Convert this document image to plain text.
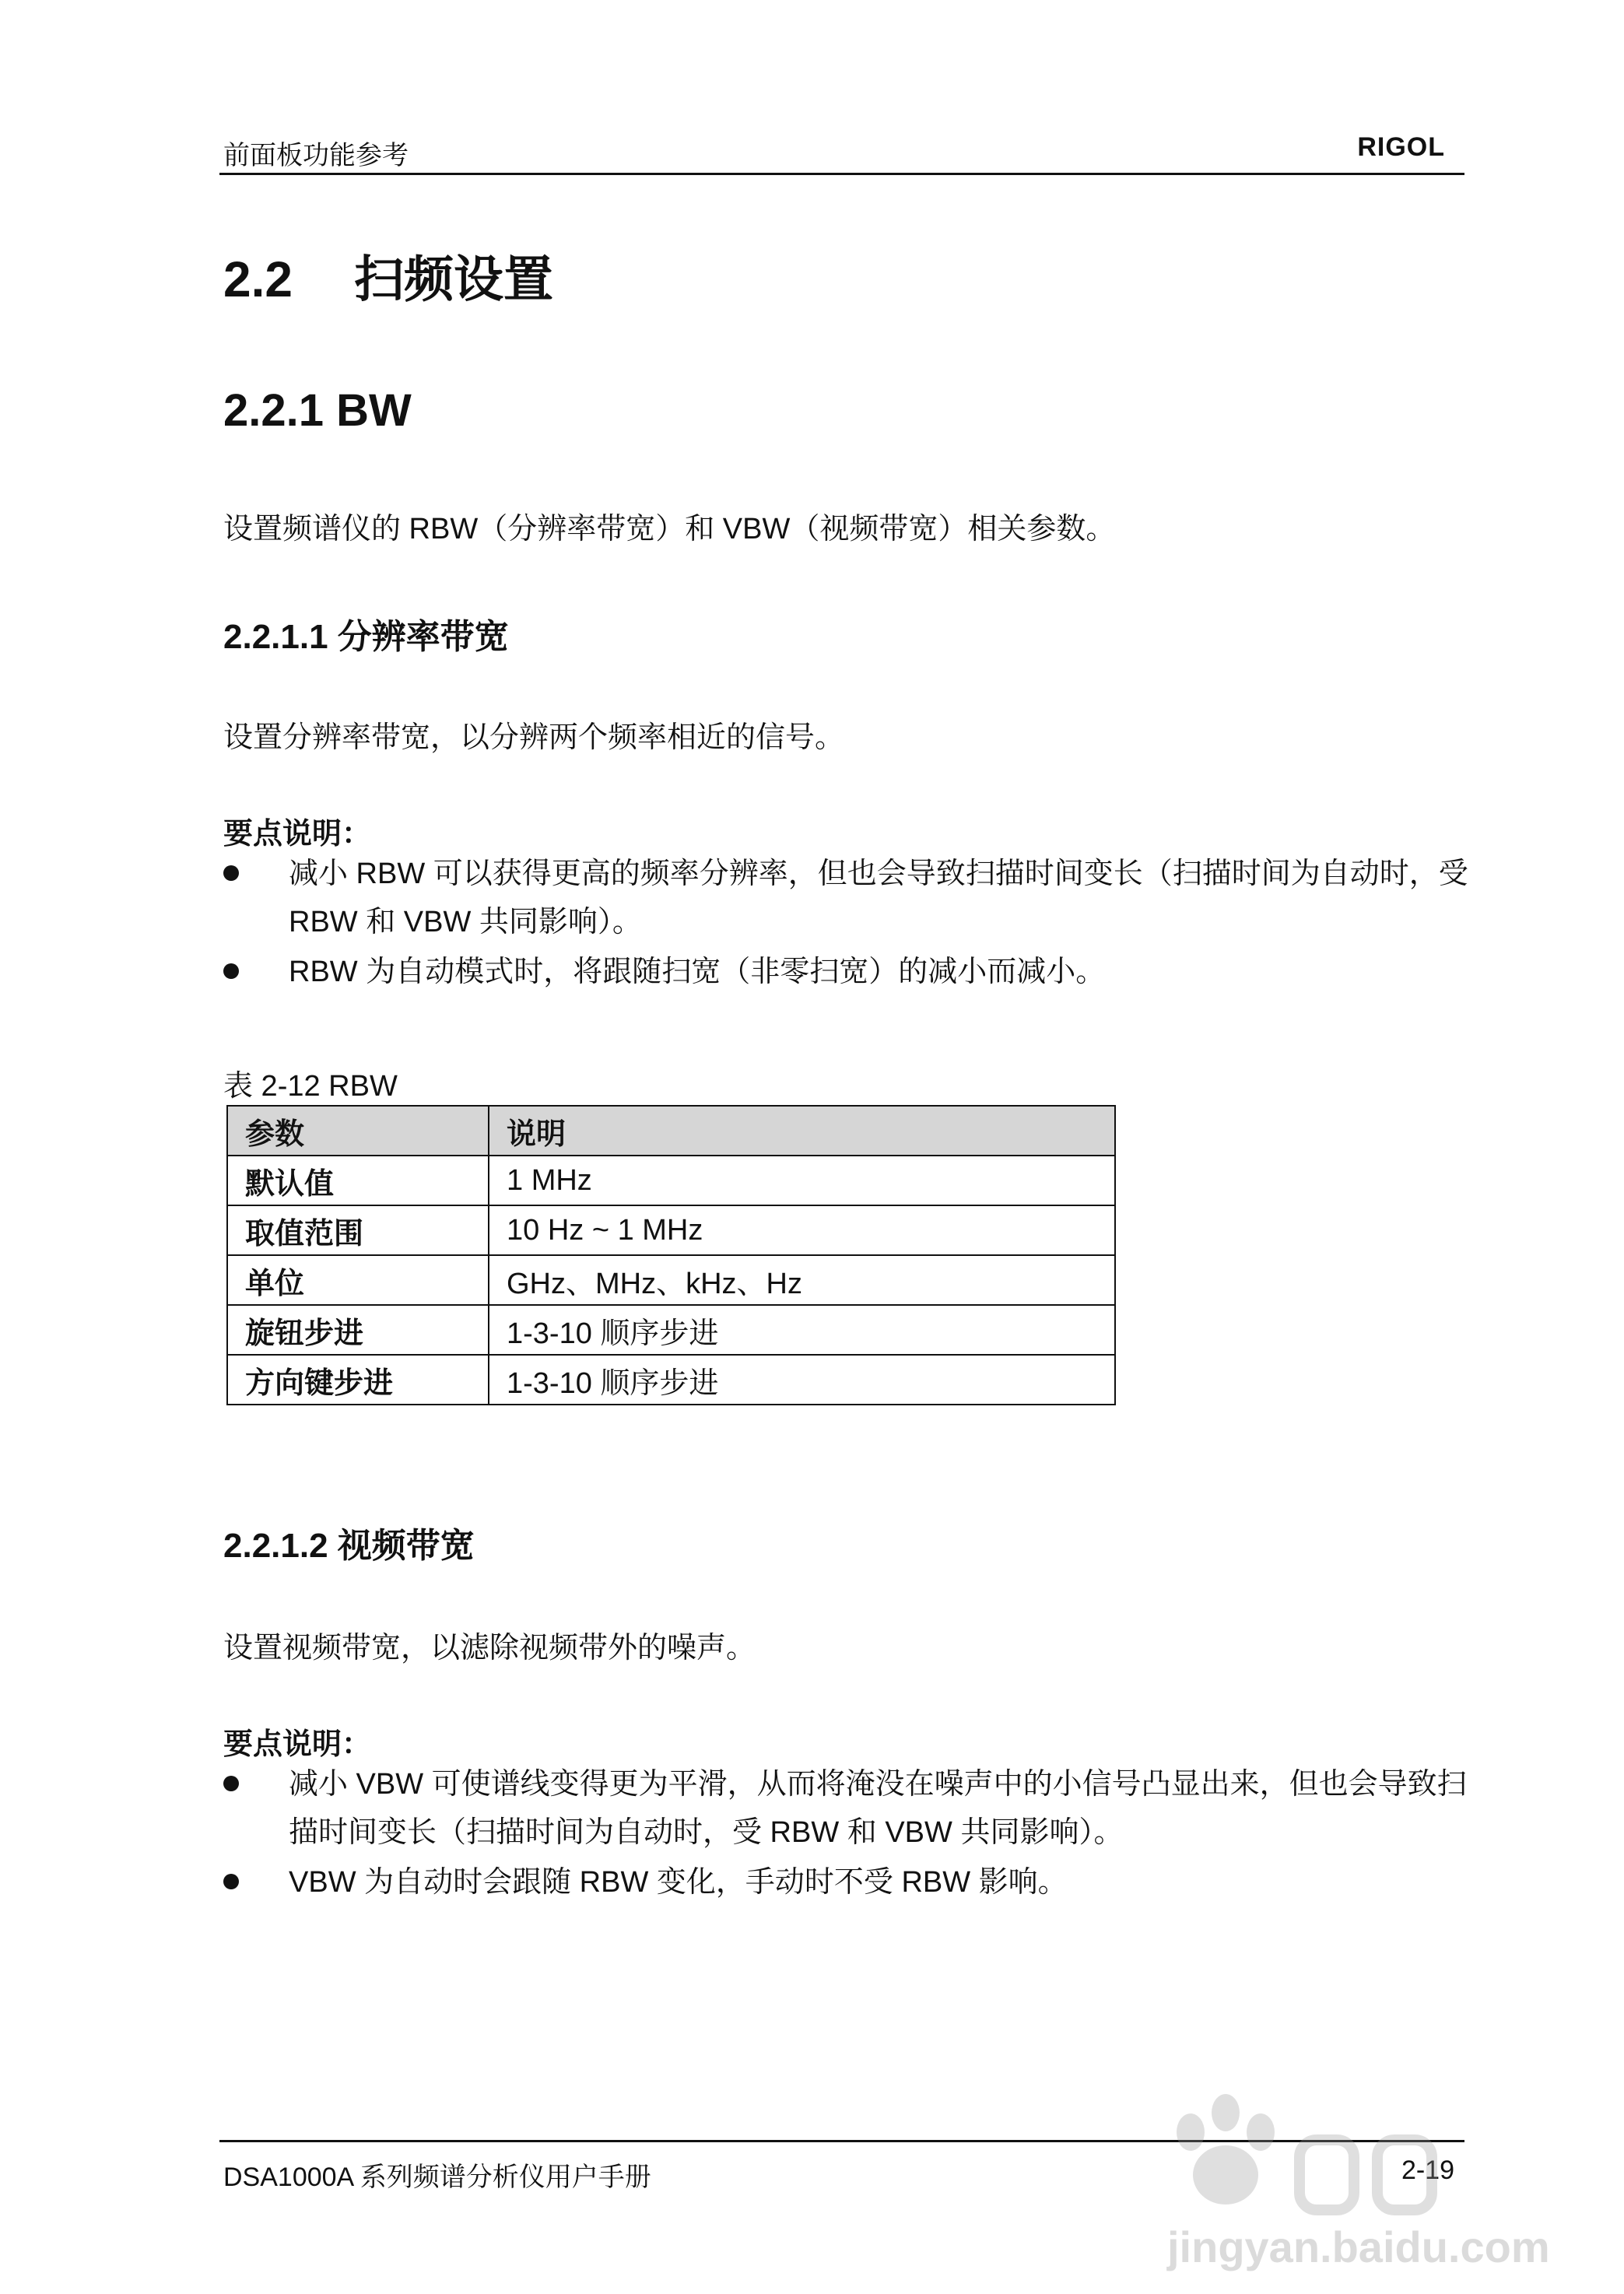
前面板功能参考	RIGOL
2.2 扫频设置
2.2.1 BW

设置频谱仪的 RBW（分辨率带宽）和 VBW（视频带宽）相关参数。

2.2.1.1 分辨率带宽

设置分辨率带宽，以分辨两个频率相近的信号。

要点说明：
减小 RBW 可以获得更高的频率分辨率，但也会导致扫描时间变长（扫描时间为自动时，受 RBW 和 VBW 共同影响）。
RBW 为自动模式时，将跟随扫宽（非零扫宽）的减小而减小。
表 2-12 RBW
参数	说明
默认值	1 MHz
取值范围	10 Hz ~ 1 MHz
单位	GHz、MHz、kHz、Hz
旋钮步进	1-3-10 顺序步进
方向键步进	1-3-10 顺序步进
2.2.1.2 视频带宽

设置视频带宽，以滤除视频带外的噪声。

要点说明：
减小 VBW 可使谱线变得更为平滑，从而将淹没在噪声中的小信号凸显出来，但也会导致扫描时间变长（扫描时间为自动时，受 RBW 和 VBW 共同影响）。
VBW 为自动时会跟随 RBW 变化，手动时不受 RBW 影响。
DSA1000A 系列频谱分析仪用户手册	2-19
jingyan.baidu.com
